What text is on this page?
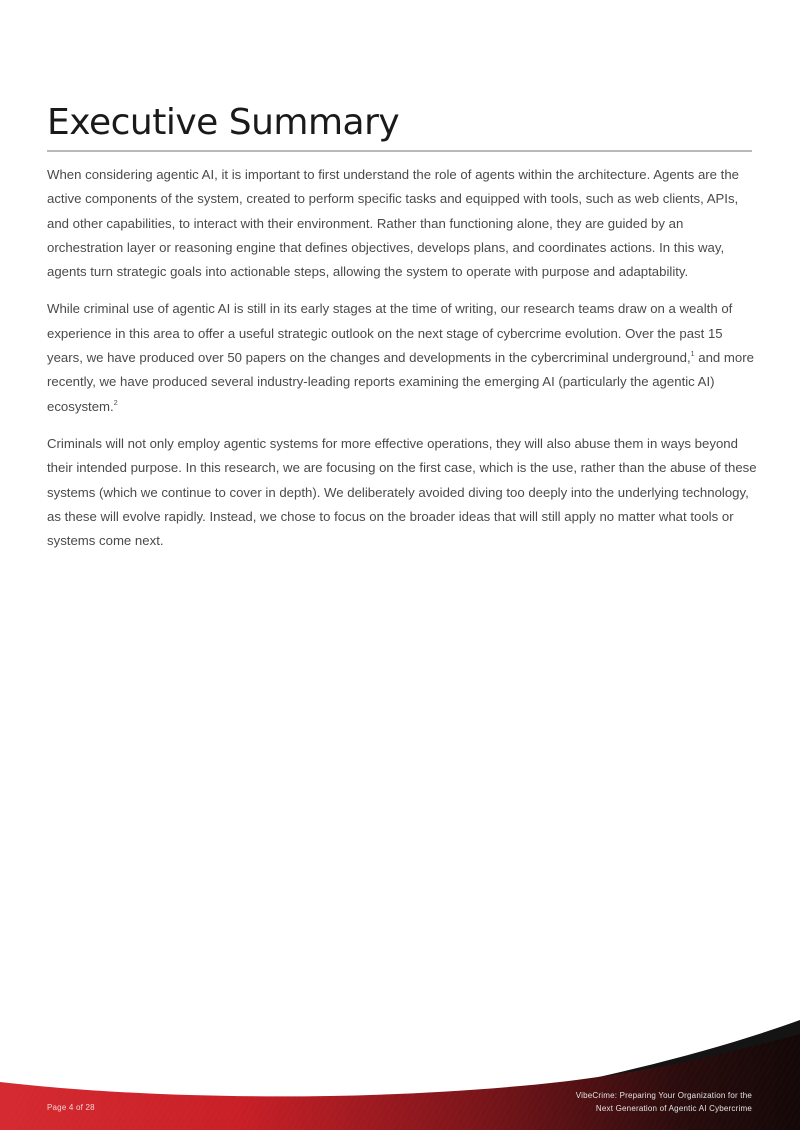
Executive Summary

When considering agentic AI, it is important to first understand the role of agents within the architecture. Agents are the active components of the system, created to perform specific tasks and equipped with tools, such as web clients, APIs, and other capabilities, to interact with their environment. Rather than functioning alone, they are guided by an orchestration layer or reasoning engine that defines objectives, develops plans, and coordinates actions. In this way, agents turn strategic goals into actionable steps, allowing the system to operate with purpose and adaptability.

While criminal use of agentic AI is still in its early stages at the time of writing, our research teams draw on a wealth of experience in this area to offer a useful strategic outlook on the next stage of cybercrime evolution. Over the past 15 years, we have produced over 50 papers on the changes and developments in the cybercriminal underground,$^1$ and more recently, we have produced several industry-leading reports examining the emerging AI (particularly the agentic AI) ecosystem.$^2$

Criminals will not only employ agentic systems for more effective operations, they will also abuse them in ways beyond their intended purpose. In this research, we are focusing on the first case, which is the use, rather than the abuse of these systems (which we continue to cover in depth). We deliberately avoided diving too deeply into the underlying technology, as these will evolve rapidly. Instead, we chose to focus on the broader ideas that will still apply no matter what tools or systems come next.

Page 4 of 28
VibeCrime: Preparing Your Organization for the
Next Generation of Agentic AI Cybercrime
